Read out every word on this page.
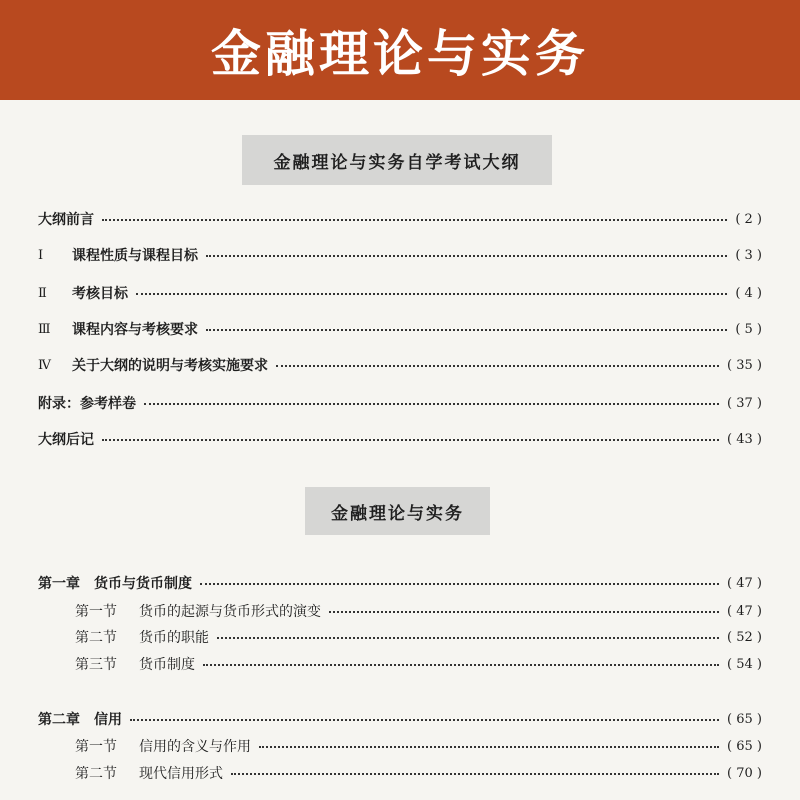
金融理论与实务
金融理论与实务自学考试大纲
大纲前言	( 2 )
Ⅰ	课程性质与课程目标	( 3 )
Ⅱ	考核目标	( 4 )
Ⅲ	课程内容与考核要求	( 5 )
Ⅳ	关于大纲的说明与考核实施要求	( 35 )
附录：参考样卷	( 37 )
大纲后记	( 43 )
金融理论与实务
第一章　货币与货币制度	( 47 )
第一节 货币的起源与货币形式的演变	( 47 )
第二节 货币的职能	( 52 )
第三节 货币制度	( 54 )
第二章　信用	( 65 )
第一节 信用的含义与作用	( 65 )
第二节 现代信用形式	( 70 )
